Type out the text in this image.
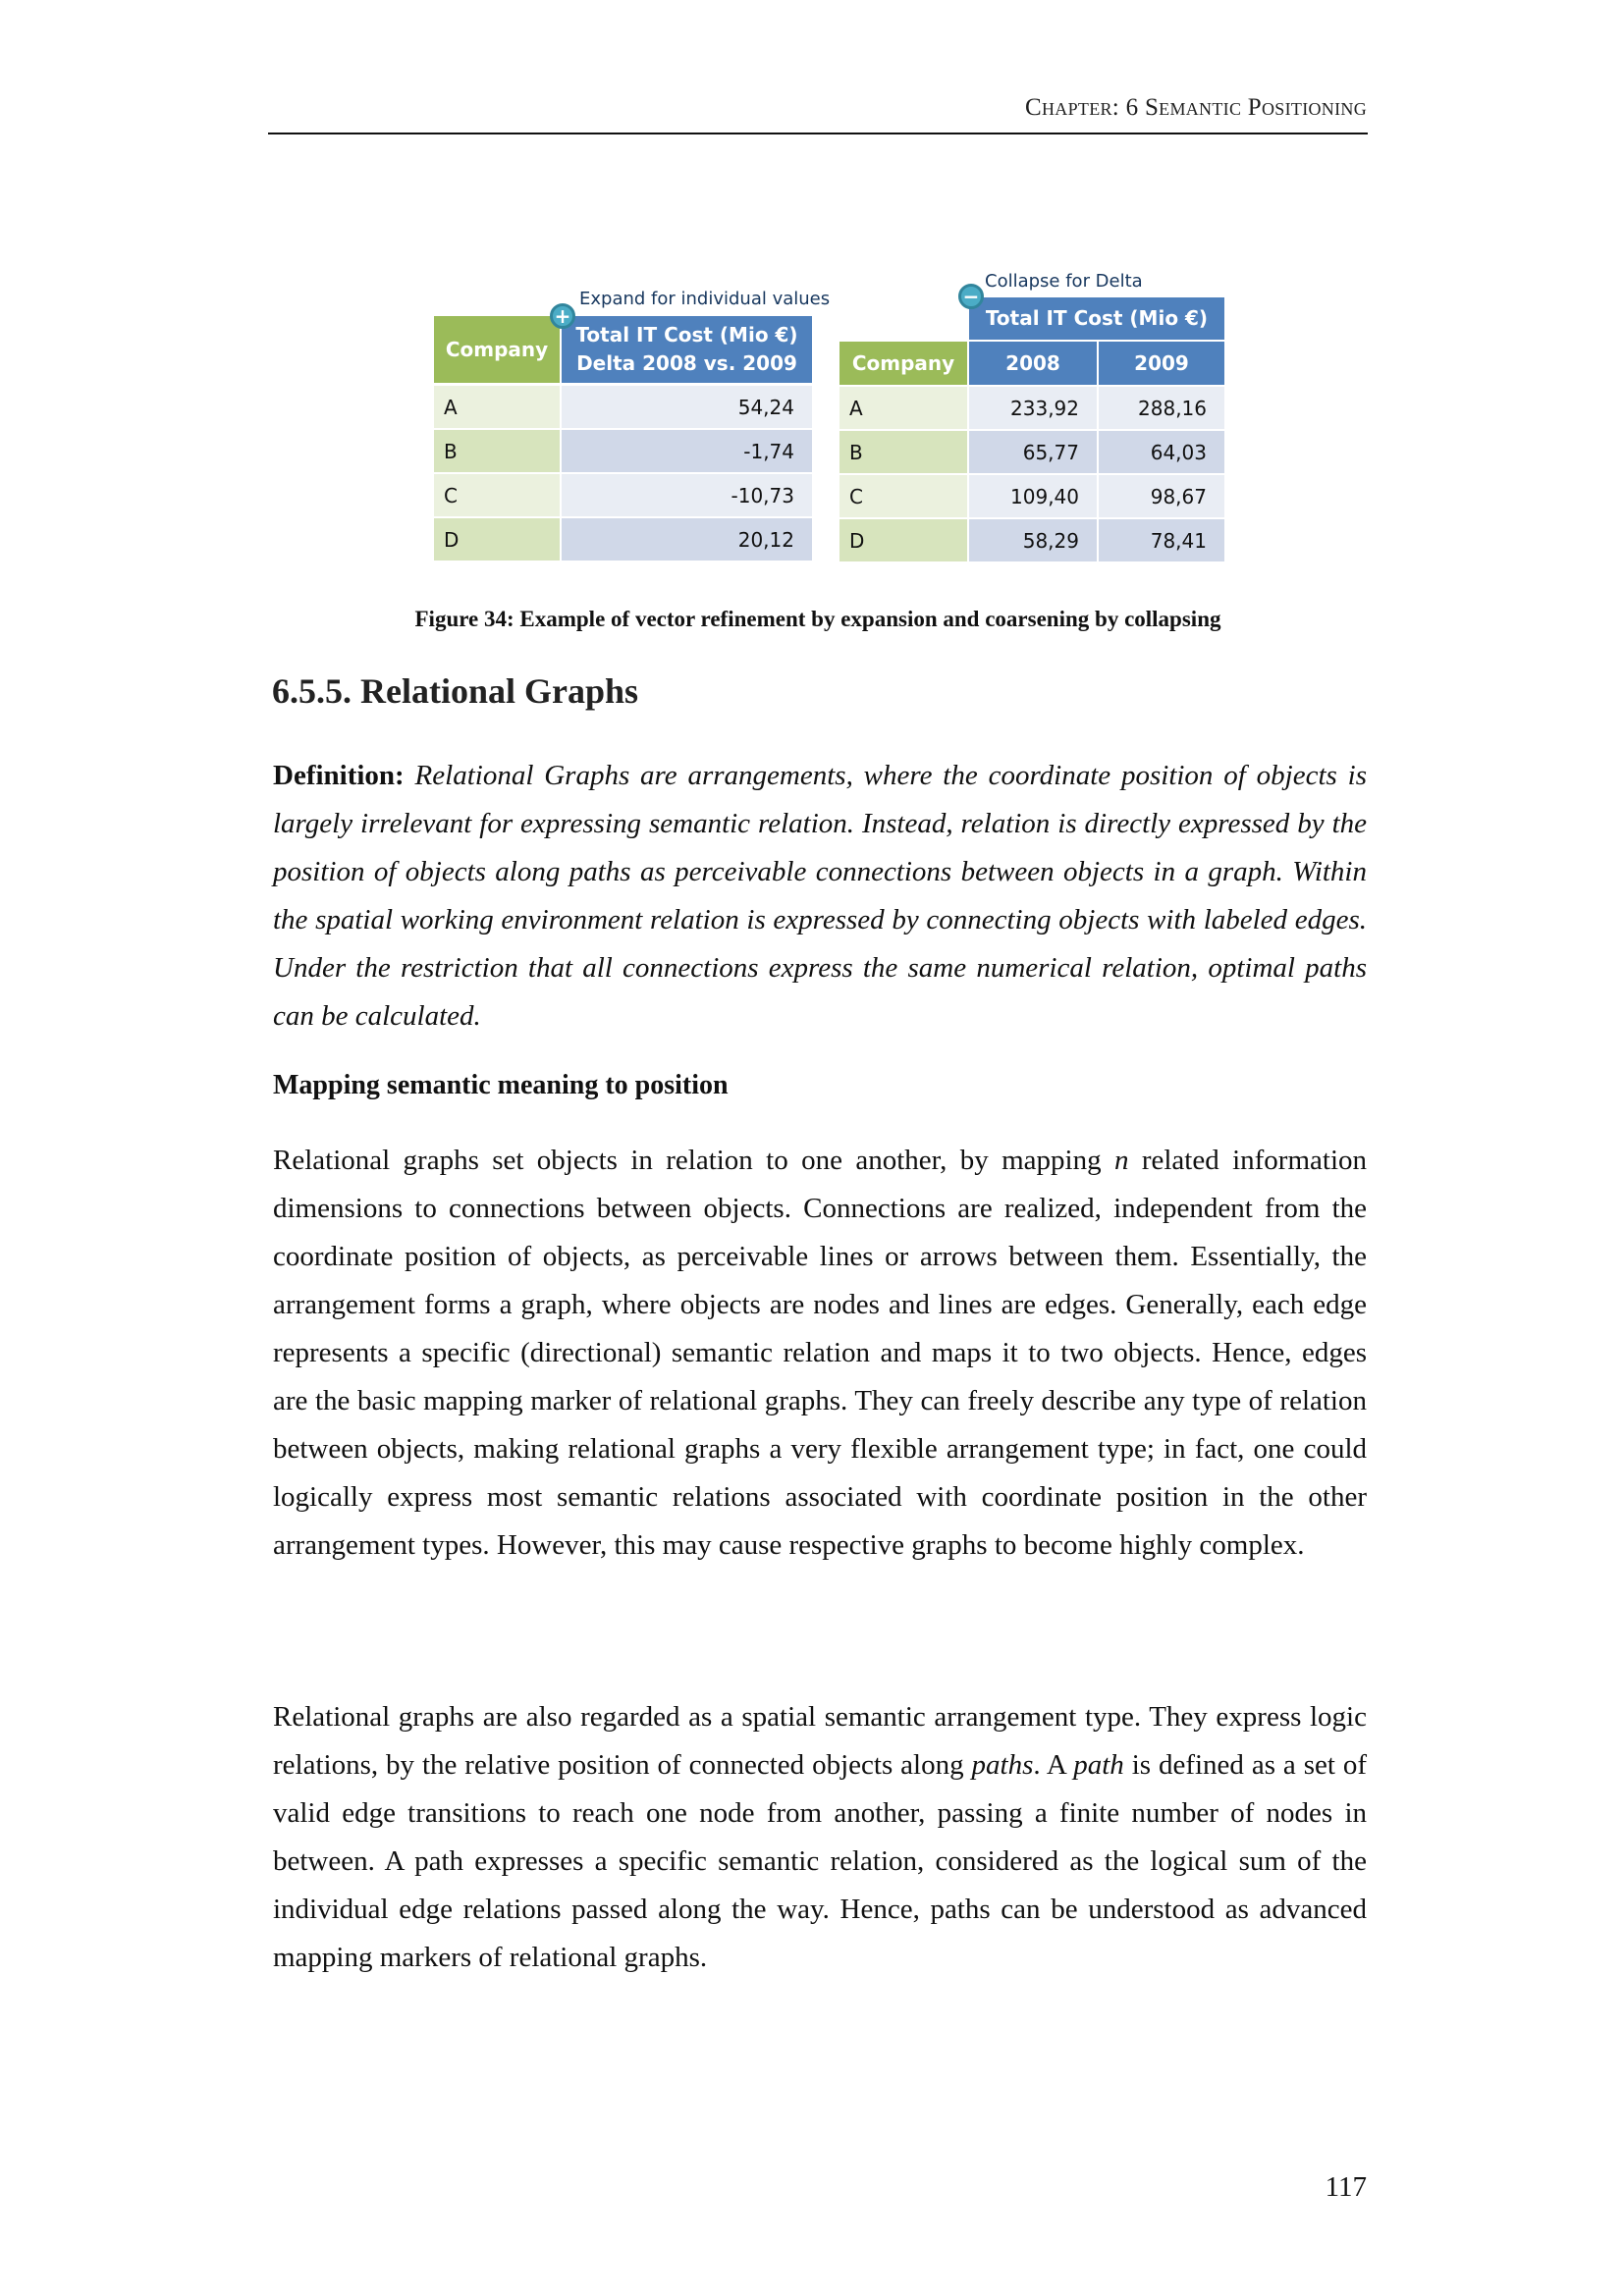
Chapter: 6 Semantic Positioning
Expand for individual values
Company
Total IT Cost (Mio €)
Delta 2008 vs. 2009
A	54,24
B	-1,74
C	-10,73
D	20,12
+
Collapse for Delta
Total IT Cost (Mio €)
Company	2008	2009
A	233,92	288,16
B	65,77	64,03
C	109,40	98,67
D	58,29	78,41
−
Figure 34: Example of vector refinement by expansion and coarsening by collapsing
6.5.5. Relational Graphs
Definition: Relational Graphs are arrangements, where the coordinate position of objects is largely irrelevant for expressing semantic relation. Instead, relation is directly expressed by the position of objects along paths as perceivable connections between objects in a graph. Within the spatial working environment relation is expressed by connecting objects with labeled edges. Under the restriction that all connections express the same numerical relation, optimal paths can be calculated.
Mapping semantic meaning to position
Relational graphs set objects in relation to one another, by mapping n related information dimensions to connections between objects. Connections are realized, independent from the coordinate position of objects, as perceivable lines or arrows between them. Essentially, the arrangement forms a graph, where objects are nodes and lines are edges. Generally, each edge represents a specific (directional) semantic relation and maps it to two objects. Hence, edges are the basic mapping marker of relational graphs. They can freely describe any type of relation between objects, making relational graphs a very flexible arrangement type; in fact, one could logically express most semantic relations associated with coordinate position in the other arrangement types. However, this may cause respective graphs to become highly complex.
Relational graphs are also regarded as a spatial semantic arrangement type. They express logic relations, by the relative position of connected objects along paths. A path is defined as a set of valid edge transitions to reach one node from another, passing a finite number of nodes in between. A path expresses a specific semantic relation, considered as the logical sum of the individual edge relations passed along the way. Hence, paths can be understood as advanced mapping markers of relational graphs.
117
